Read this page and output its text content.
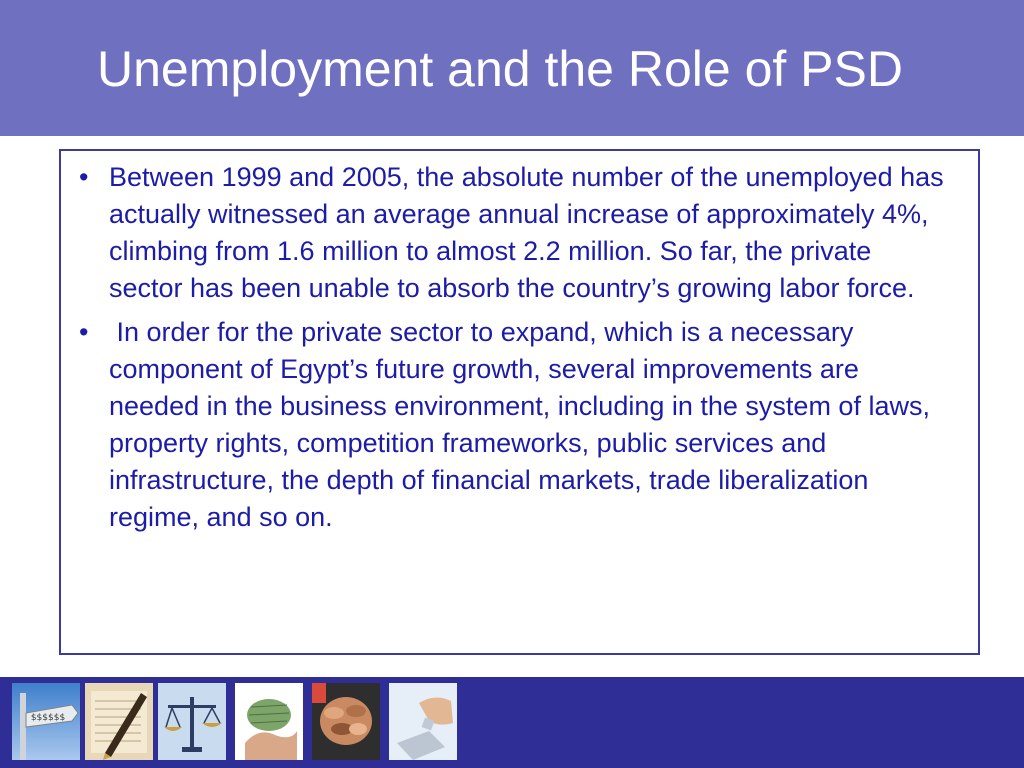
Unemployment and the Role of PSD
• Between 1999 and 2005, the absolute number of the unemployed has actually witnessed an average annual increase of approximately 4%, climbing from 1.6 million to almost 2.2 million. So far, the private sector has been unable to absorb the country’s growing labor force.
• In order for the private sector to expand, which is a necessary component of Egypt’s future growth, several improvements are needed in the business environment, including in the system of laws, property rights, competition frameworks, public services and infrastructure, the depth of financial markets, trade liberalization regime, and so on.
$$$$$$
